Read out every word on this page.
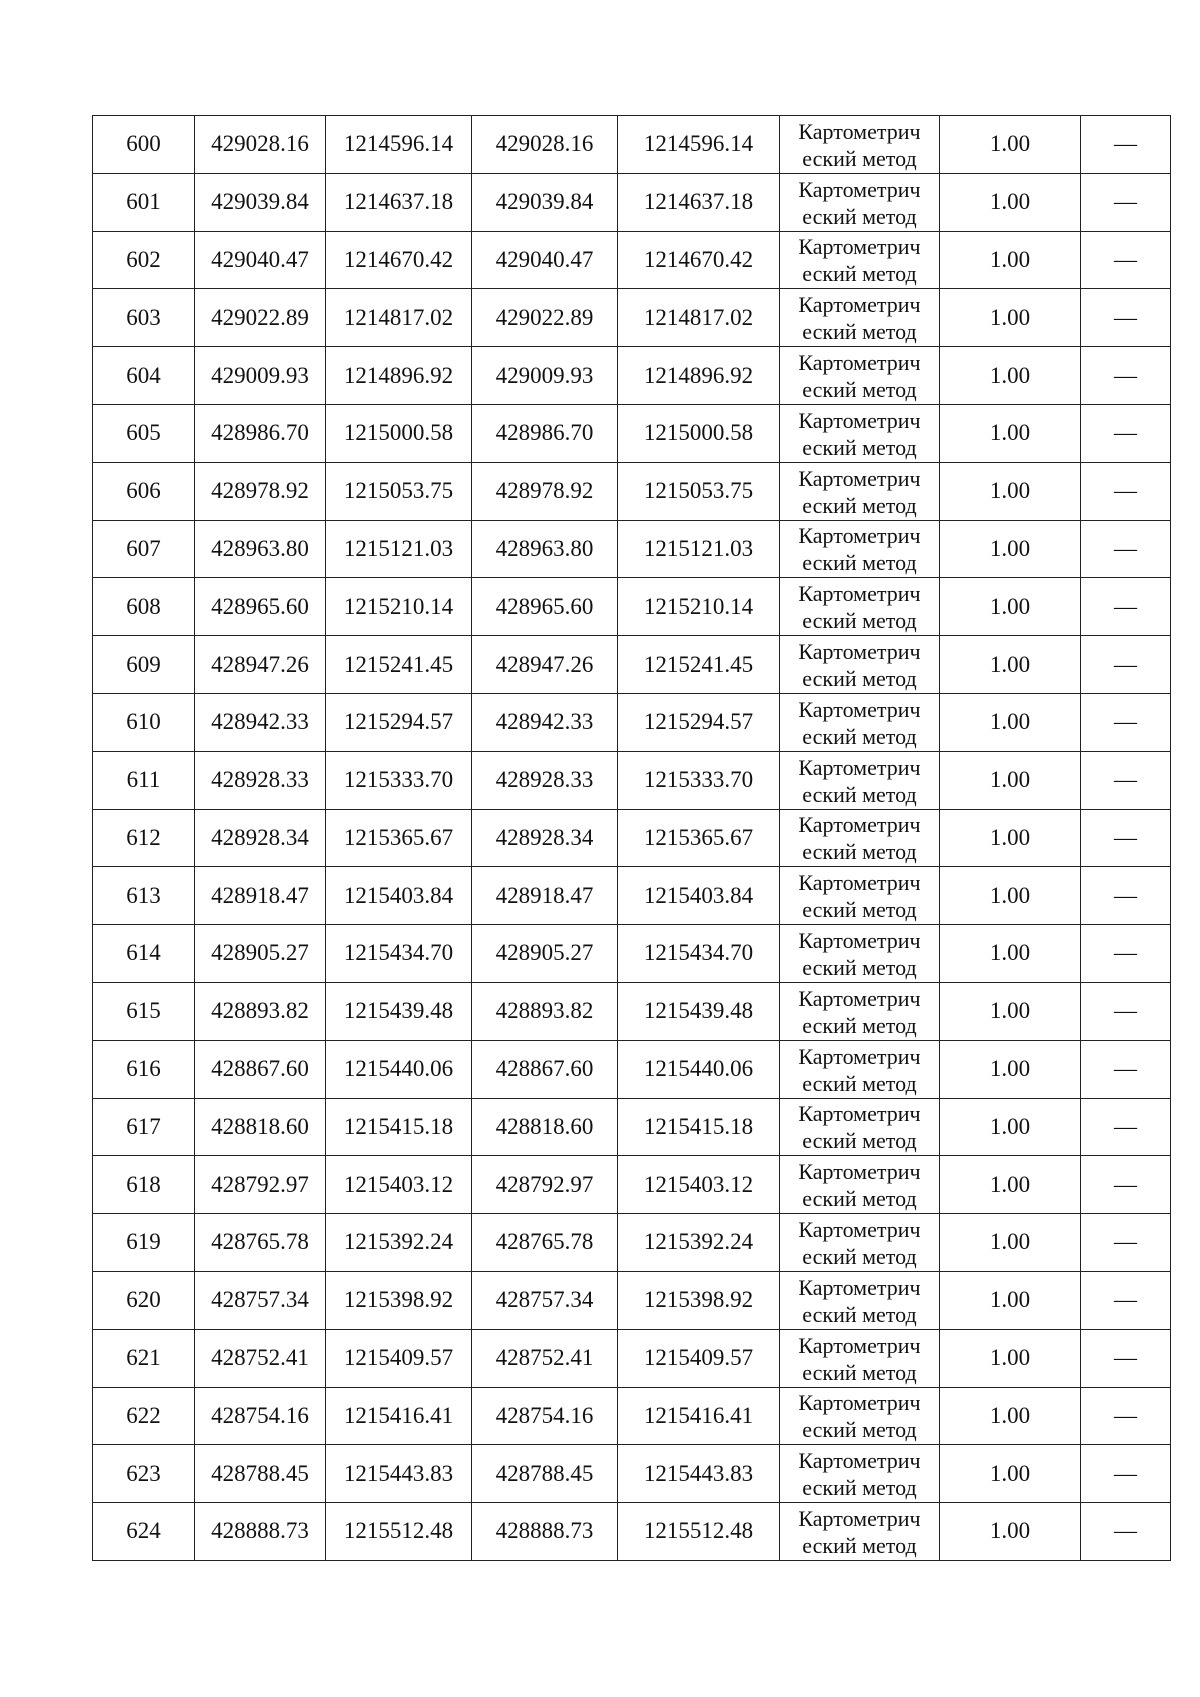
600	429028.16	1214596.14	429028.16	1214596.14	Картометрич
еский метод	1.00	—
601	429039.84	1214637.18	429039.84	1214637.18	Картометрич
еский метод	1.00	—
602	429040.47	1214670.42	429040.47	1214670.42	Картометрич
еский метод	1.00	—
603	429022.89	1214817.02	429022.89	1214817.02	Картометрич
еский метод	1.00	—
604	429009.93	1214896.92	429009.93	1214896.92	Картометрич
еский метод	1.00	—
605	428986.70	1215000.58	428986.70	1215000.58	Картометрич
еский метод	1.00	—
606	428978.92	1215053.75	428978.92	1215053.75	Картометрич
еский метод	1.00	—
607	428963.80	1215121.03	428963.80	1215121.03	Картометрич
еский метод	1.00	—
608	428965.60	1215210.14	428965.60	1215210.14	Картометрич
еский метод	1.00	—
609	428947.26	1215241.45	428947.26	1215241.45	Картометрич
еский метод	1.00	—
610	428942.33	1215294.57	428942.33	1215294.57	Картометрич
еский метод	1.00	—
611	428928.33	1215333.70	428928.33	1215333.70	Картометрич
еский метод	1.00	—
612	428928.34	1215365.67	428928.34	1215365.67	Картометрич
еский метод	1.00	—
613	428918.47	1215403.84	428918.47	1215403.84	Картометрич
еский метод	1.00	—
614	428905.27	1215434.70	428905.27	1215434.70	Картометрич
еский метод	1.00	—
615	428893.82	1215439.48	428893.82	1215439.48	Картометрич
еский метод	1.00	—
616	428867.60	1215440.06	428867.60	1215440.06	Картометрич
еский метод	1.00	—
617	428818.60	1215415.18	428818.60	1215415.18	Картометрич
еский метод	1.00	—
618	428792.97	1215403.12	428792.97	1215403.12	Картометрич
еский метод	1.00	—
619	428765.78	1215392.24	428765.78	1215392.24	Картометрич
еский метод	1.00	—
620	428757.34	1215398.92	428757.34	1215398.92	Картометрич
еский метод	1.00	—
621	428752.41	1215409.57	428752.41	1215409.57	Картометрич
еский метод	1.00	—
622	428754.16	1215416.41	428754.16	1215416.41	Картометрич
еский метод	1.00	—
623	428788.45	1215443.83	428788.45	1215443.83	Картометрич
еский метод	1.00	—
624	428888.73	1215512.48	428888.73	1215512.48	Картометрич
еский метод	1.00	—
